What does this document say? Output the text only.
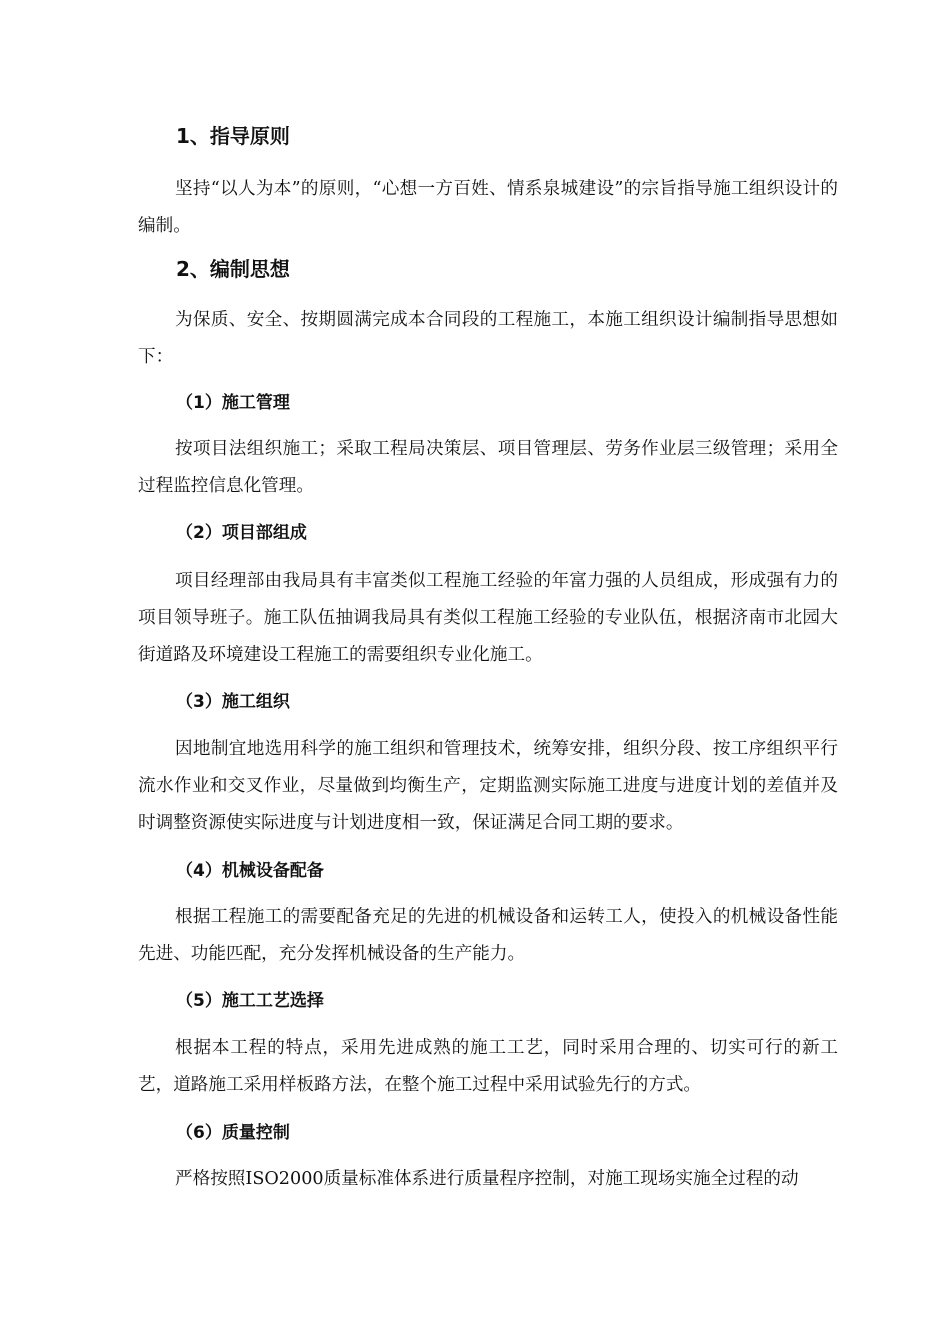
1、指导原则

坚持“以人为本”的原则，“心想一方百姓、情系泉城建设”的宗旨指导施工组织设计的编制。

2、编制思想

为保质、安全、按期圆满完成本合同段的工程施工，本施工组织设计编制指导思想如下：

（1）施工管理

按项目法组织施工；采取工程局决策层、项目管理层、劳务作业层三级管理；采用全过程监控信息化管理。

（2）项目部组成

项目经理部由我局具有丰富类似工程施工经验的年富力强的人员组成，形成强有力的项目领导班子。施工队伍抽调我局具有类似工程施工经验的专业队伍，根据济南市北园大街道路及环境建设工程施工的需要组织专业化施工。

（3）施工组织

因地制宜地选用科学的施工组织和管理技术，统筹安排，组织分段、按工序组织平行流水作业和交叉作业，尽量做到均衡生产，定期监测实际施工进度与进度计划的差值并及时调整资源使实际进度与计划进度相一致，保证满足合同工期的要求。

（4）机械设备配备

根据工程施工的需要配备充足的先进的机械设备和运转工人，使投入的机械设备性能先进、功能匹配，充分发挥机械设备的生产能力。

（5）施工工艺选择

根据本工程的特点，采用先进成熟的施工工艺，同时采用合理的、切实可行的新工艺，道路施工采用样板路方法，在整个施工过程中采用试验先行的方式。

（6）质量控制

严格按照ISO2000质量标准体系进行质量程序控制，对施工现场实施全过程的动
